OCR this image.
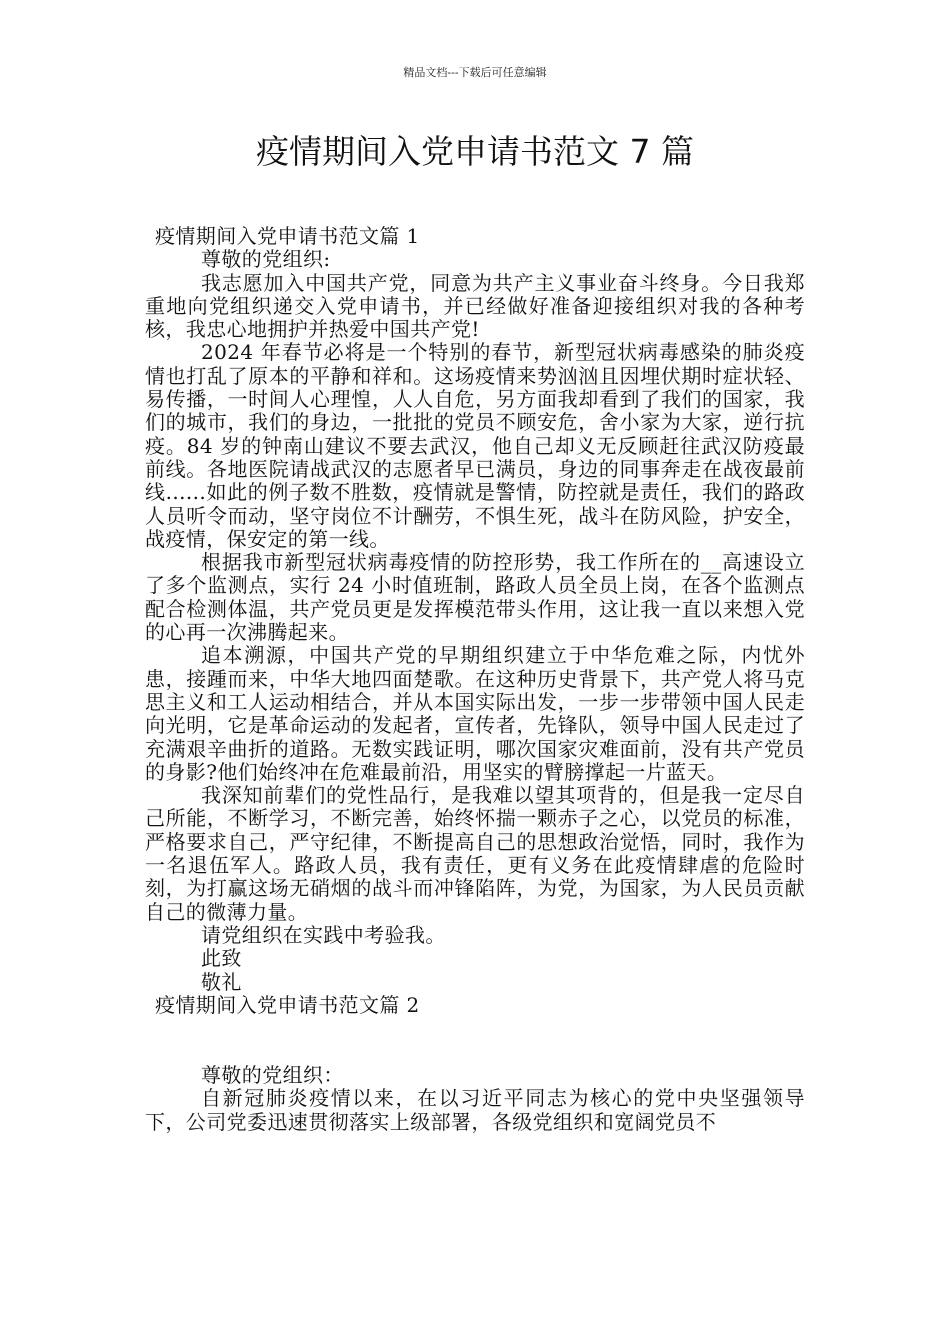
精品文档---下载后可任意编辑
疫情期间入党申请书范文 7 篇

疫情期间入党申请书范文篇 1

尊敬的党组织:

我志愿加入中国共产党，同意为共产主义事业奋斗终身。今日我郑重地向党组织递交入党申请书，并已经做好准备迎接组织对我的各种考核，我忠心地拥护并热爱中国共产党!

2024 年春节必将是一个特别的春节，新型冠状病毒感染的肺炎疫情也打乱了原本的平静和祥和。这场疫情来势汹汹且因埋伏期时症状轻、易传播，一时间人心理惶，人人自危，另方面我却看到了我们的国家，我们的城市，我们的身边，一批批的党员不顾安危，舍小家为大家，逆行抗疫。84 岁的钟南山建议不要去武汉，他自己却义无反顾赶往武汉防疫最前线。各地医院请战武汉的志愿者早已满员，身边的同事奔走在战夜最前线......如此的例子数不胜数，疫情就是警情，防控就是责任，我们的路政人员听令而动，坚守岗位不计酬劳，不惧生死，战斗在防风险，护安全，战疫情，保安定的第一线。

根据我市新型冠状病毒疫情的防控形势，我工作所在的__高速设立了多个监测点，实行 24 小时值班制，路政人员全员上岗，在各个监测点配合检测体温，共产党员更是发挥模范带头作用，这让我一直以来想入党的心再一次沸腾起来。

追本溯源，中国共产党的早期组织建立于中华危难之际，内忧外患，接踵而来，中华大地四面楚歌。在这种历史背景下，共产党人将马克思主义和工人运动相结合，并从本国实际出发，一步一步带领中国人民走向光明，它是革命运动的发起者，宣传者，先锋队，领导中国人民走过了充满艰辛曲折的道路。无数实践证明，哪次国家灾难面前，没有共产党员的身影?他们始终冲在危难最前沿，用坚实的臂膀撑起一片蓝天。

我深知前辈们的党性品行，是我难以望其项背的，但是我一定尽自己所能，不断学习，不断完善，始终怀揣一颗赤子之心，以党员的标准，严格要求自己，严守纪律，不断提高自己的思想政治觉悟，同时，我作为一名退伍军人。路政人员，我有责任，更有义务在此疫情肆虐的危险时刻，为打赢这场无硝烟的战斗而冲锋陷阵，为党，为国家，为人民员贡献自己的微薄力量。

请党组织在实践中考验我。

此致

敬礼

疫情期间入党申请书范文篇 2

尊敬的党组织：

自新冠肺炎疫情以来，在以习近平同志为核心的党中央坚强领导下，公司党委迅速贯彻落实上级部署，各级党组织和宽阔党员不
